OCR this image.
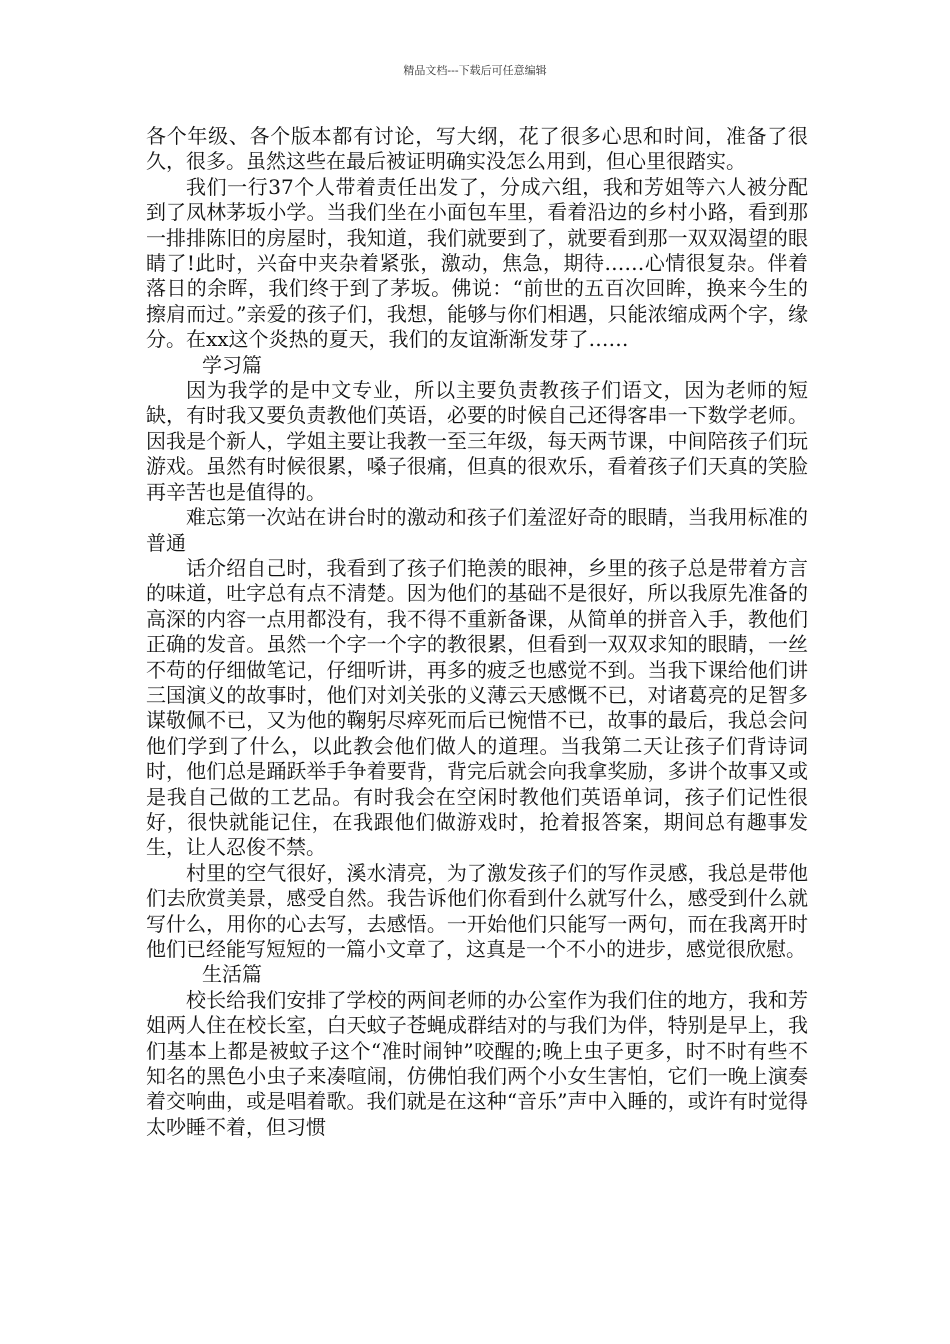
精品文档---下载后可任意编辑

各个年级、各个版本都有讨论，写大纲，花了很多心思和时间，准备了很久，很多。虽然这些在最后被证明确实没怎么用到，但心里很踏实。

我们一行37个人带着责任出发了，分成六组，我和芳姐等六人被分配到了凤林茅坂小学。当我们坐在小面包车里，看着沿边的乡村小路，看到那一排排陈旧的房屋时，我知道，我们就要到了，就要看到那一双双渴望的眼睛了!此时，兴奋中夹杂着紧张，激动，焦急，期待……心情很复杂。伴着落日的余晖，我们终于到了茅坂。佛说：“前世的五百次回眸，换来今生的擦肩而过。”亲爱的孩子们，我想，能够与你们相遇，只能浓缩成两个字，缘分。在xx这个炎热的夏天，我们的友谊渐渐发芽了……

学习篇

因为我学的是中文专业，所以主要负责教孩子们语文，因为老师的短缺，有时我又要负责教他们英语，必要的时候自己还得客串一下数学老师。因我是个新人，学姐主要让我教一至三年级，每天两节课，中间陪孩子们玩游戏。虽然有时候很累，嗓子很痛，但真的很欢乐，看着孩子们天真的笑脸再辛苦也是值得的。

难忘第一次站在讲台时的激动和孩子们羞涩好奇的眼睛，当我用标准的普通

话介绍自己时，我看到了孩子们艳羡的眼神，乡里的孩子总是带着方言的味道，吐字总有点不清楚。因为他们的基础不是很好，所以我原先准备的高深的内容一点用都没有，我不得不重新备课，从简单的拼音入手，教他们正确的发音。虽然一个字一个字的教很累，但看到一双双求知的眼睛，一丝不苟的仔细做笔记，仔细听讲，再多的疲乏也感觉不到。当我下课给他们讲三国演义的故事时，他们对刘关张的义薄云天感慨不已，对诸葛亮的足智多谋敬佩不已，又为他的鞠躬尽瘁死而后已惋惜不已，故事的最后，我总会问他们学到了什么，以此教会他们做人的道理。当我第二天让孩子们背诗词时，他们总是踊跃举手争着要背，背完后就会向我拿奖励，多讲个故事又或是我自己做的工艺品。有时我会在空闲时教他们英语单词，孩子们记性很好，很快就能记住，在我跟他们做游戏时，抢着报答案，期间总有趣事发生，让人忍俊不禁。

村里的空气很好，溪水清亮，为了激发孩子们的写作灵感，我总是带他们去欣赏美景，感受自然。我告诉他们你看到什么就写什么，感受到什么就写什么，用你的心去写，去感悟。一开始他们只能写一两句，而在我离开时他们已经能写短短的一篇小文章了，这真是一个不小的进步，感觉很欣慰。

生活篇

校长给我们安排了学校的两间老师的办公室作为我们住的地方，我和芳姐两人住在校长室，白天蚊子苍蝇成群结对的与我们为伴，特别是早上，我们基本上都是被蚊子这个“准时闹钟”咬醒的;晚上虫子更多，时不时有些不知名的黑色小虫子来凑喧闹，仿佛怕我们两个小女生害怕，它们一晚上演奏着交响曲，或是唱着歌。我们就是在这种“音乐”声中入睡的，或许有时觉得太吵睡不着，但习惯
